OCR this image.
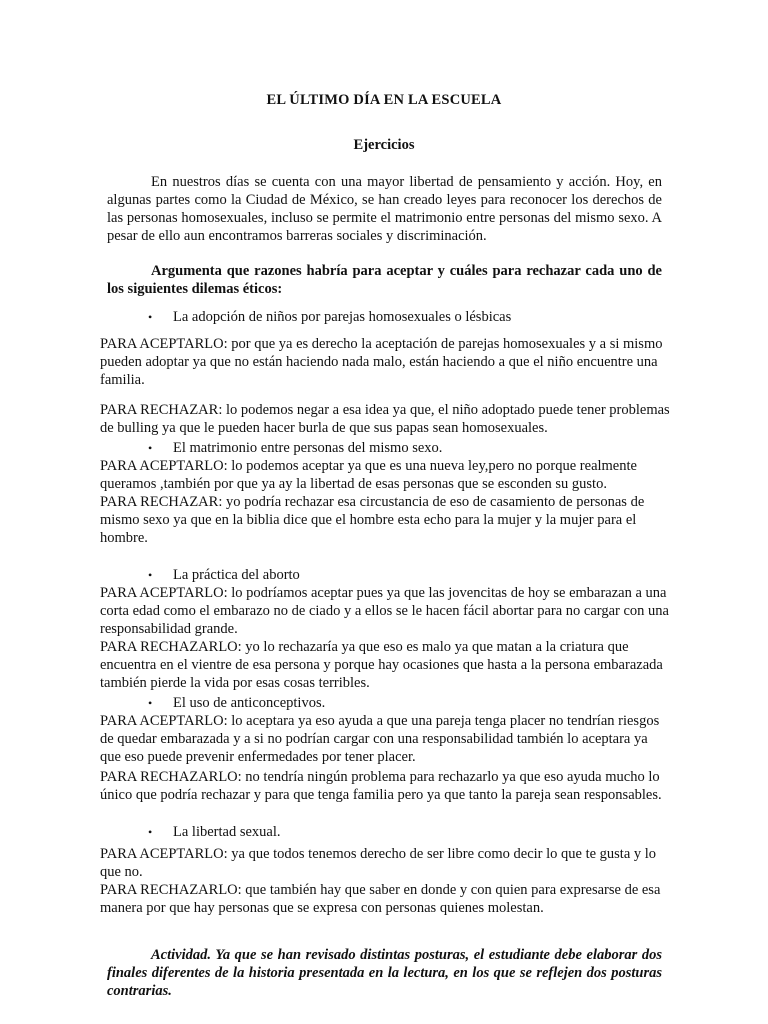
EL ÚLTIMO DÍA EN LA ESCUELA
Ejercicios
En nuestros días se cuenta con una mayor libertad de pensamiento y acción. Hoy, en algunas partes como la Ciudad de México, se han creado leyes para reconocer los derechos de las personas homosexuales, incluso se permite el matrimonio entre personas del mismo sexo. A pesar de ello aun encontramos barreras sociales y discriminación.
Argumenta que razones habría para aceptar y cuáles para rechazar cada uno de los siguientes dilemas éticos:
• La adopción de niños por parejas homosexuales o lésbicas
PARA ACEPTARLO: por que ya es derecho la aceptación de parejas homosexuales y a si mismo pueden adoptar ya que no están haciendo nada malo, están haciendo a que el niño encuentre una familia.
PARA RECHAZAR: lo podemos negar a esa idea ya que, el niño adoptado puede tener problemas de bulling ya que le pueden hacer burla de que sus papas sean homosexuales.
• El matrimonio entre personas del mismo sexo.
PARA ACEPTARLO: lo podemos aceptar ya que es una nueva ley,pero no porque realmente queramos ,también por que ya ay la libertad de esas personas que se esconden su gusto.
PARA RECHAZAR: yo podría rechazar esa circustancia de eso de casamiento de personas de mismo sexo ya que en la biblia dice que el hombre esta echo para la mujer y la mujer para el hombre.
• La práctica del aborto
PARA ACEPTARLO: lo podríamos aceptar pues ya que las jovencitas de hoy se embarazan a una corta edad como el embarazo no de ciado y a ellos se le hacen fácil abortar para no cargar con una responsabilidad grande.
PARA RECHAZARLO: yo lo rechazaría ya que eso es malo ya que matan a la criatura que encuentra en el vientre de esa persona y porque hay ocasiones que hasta a la persona embarazada también pierde la vida por esas cosas terribles.
• El uso de anticonceptivos.
PARA ACEPTARLO: lo aceptara ya eso ayuda a que una pareja tenga placer no tendrían riesgos de quedar embarazada y a si no podrían cargar con una responsabilidad también lo aceptara ya que eso puede prevenir enfermedades por tener placer.
PARA RECHAZARLO: no tendría ningún problema para rechazarlo ya que eso ayuda mucho lo único que podría rechazar y para que tenga familia pero ya que tanto la pareja sean responsables.
• La libertad sexual.
PARA ACEPTARLO: ya que todos tenemos derecho de ser libre como decir lo que te gusta y lo que no.
PARA RECHAZARLO: que también hay que saber en donde y con quien para expresarse de esa manera por que hay personas que se expresa con personas quienes molestan.
Actividad. Ya que se han revisado distintas posturas, el estudiante debe elaborar dos finales diferentes de la historia presentada en la lectura, en los que se reflejen dos posturas contrarias.
